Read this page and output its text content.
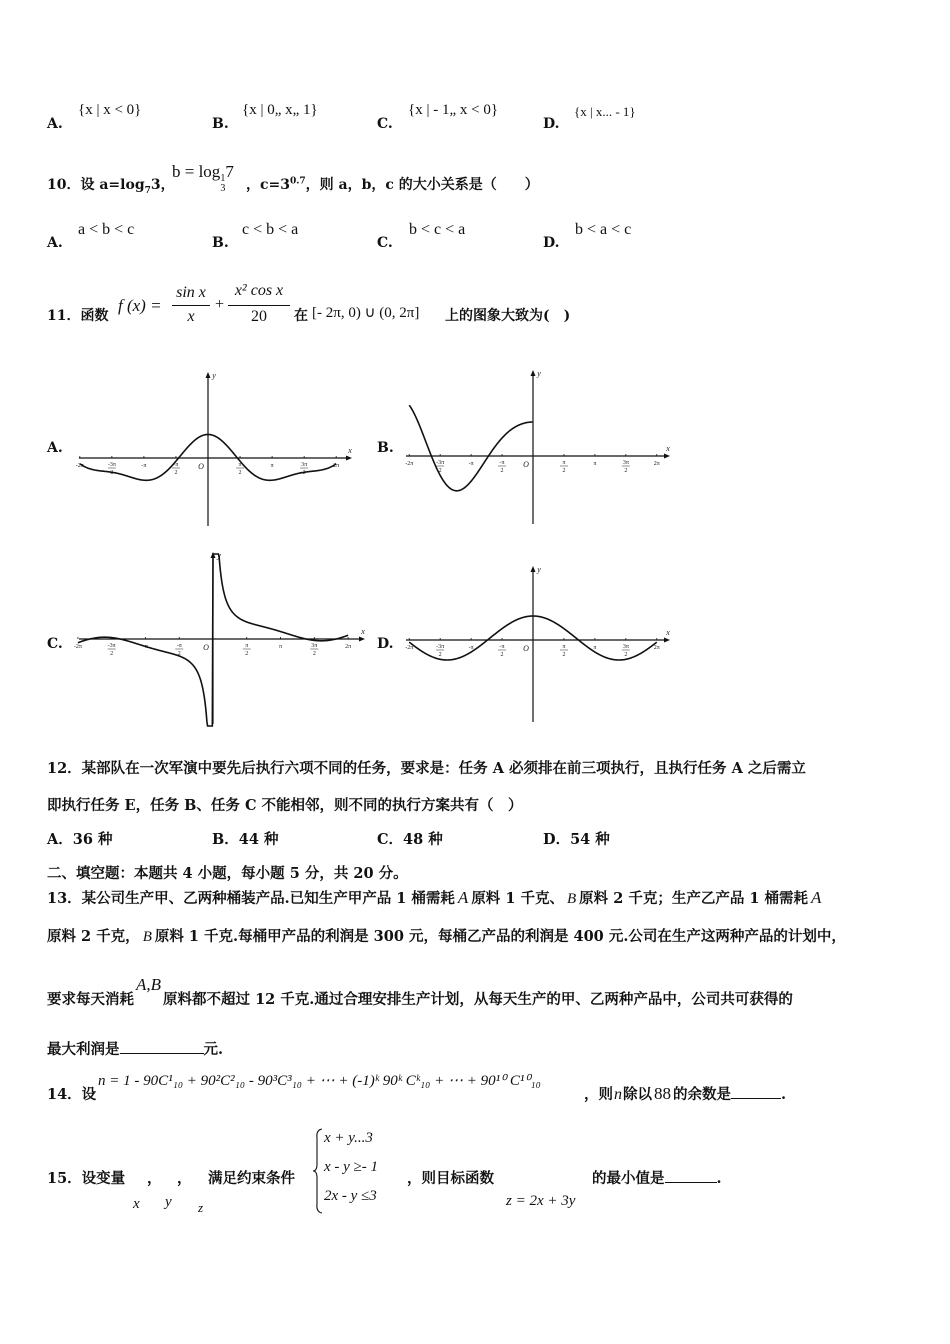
A.
{x | x < 0}
B.
{x | 0„ x„ 1}
C.
{x | - 1„ x < 0}
D.
{x | x... - 1}
10．设 $a=\log_73$，
b = log1
37
，$c=3^{0.7}$，则 a，b，c 的大小关系是（　　）
A.
a < b < c
B.
c < b < a
C.
b < c < a
D.
b < a < c
11．函数
f (x) =
sin x
x
+
x² cos x
20	在 [- 2π, 0) ∪ (0, 2π] 上的图象大致为(　)
A.	B.
C.	D.
y
x
O
-2π	-3π
2
-π	-π
2
π
2
π	3π
2
2π
y
x
O
-2π	-3π
2
-π	-π
2
π
2
π	3π
2
2π
y
x
O
-2π	-3π
2
-π	-π
2
π
2
π	3π
2
2π
y
x
O
-2π	-3π
2
-π	-π
2
π
2
π	3π
2
2π
12．某部队在一次军演中要先后执行六项不同的任务，要求是：任务 A 必须排在前三项执行，且执行任务 A 之后需立
即执行任务 E，任务 B、任务 C 不能相邻，则不同的执行方案共有（　）
A．36 种	B．44 种	C．48 种	D．54 种
二、填空题：本题共 4 小题，每小题 5 分，共 20 分。
13．某公司生产甲、乙两种桶装产品.已知生产甲产品 1 桶需耗 A 原料 1 千克、 B 原料 2 千克；生产乙产品 1 桶需耗 A
原料 2 千克， B 原料 1 千克.每桶甲产品的利润是 300 元，每桶乙产品的利润是 400 元.公司在生产这两种产品的计划中，
要求每天消耗A,B原料都不超过 12 千克.通过合理安排生产计划，从每天生产的甲、乙两种产品中，公司共可获得的
最大利润是	元.
14．设
n = 1 - 90C¹₁₀ + 90²C²₁₀ - 90³C³₁₀ + ⋯ + (-1)ᵏ 90ᵏ Cᵏ₁₀ + ⋯ + 90¹⁰ C¹⁰₁₀
，则n除以 88 的余数是	.
15．设变量 ， ， 满足约束条件
x y z
x + y...3
x - y ≥- 1
2x - y ≤3
，则目标函数
z = 2x + 3y
的最小值是	.
